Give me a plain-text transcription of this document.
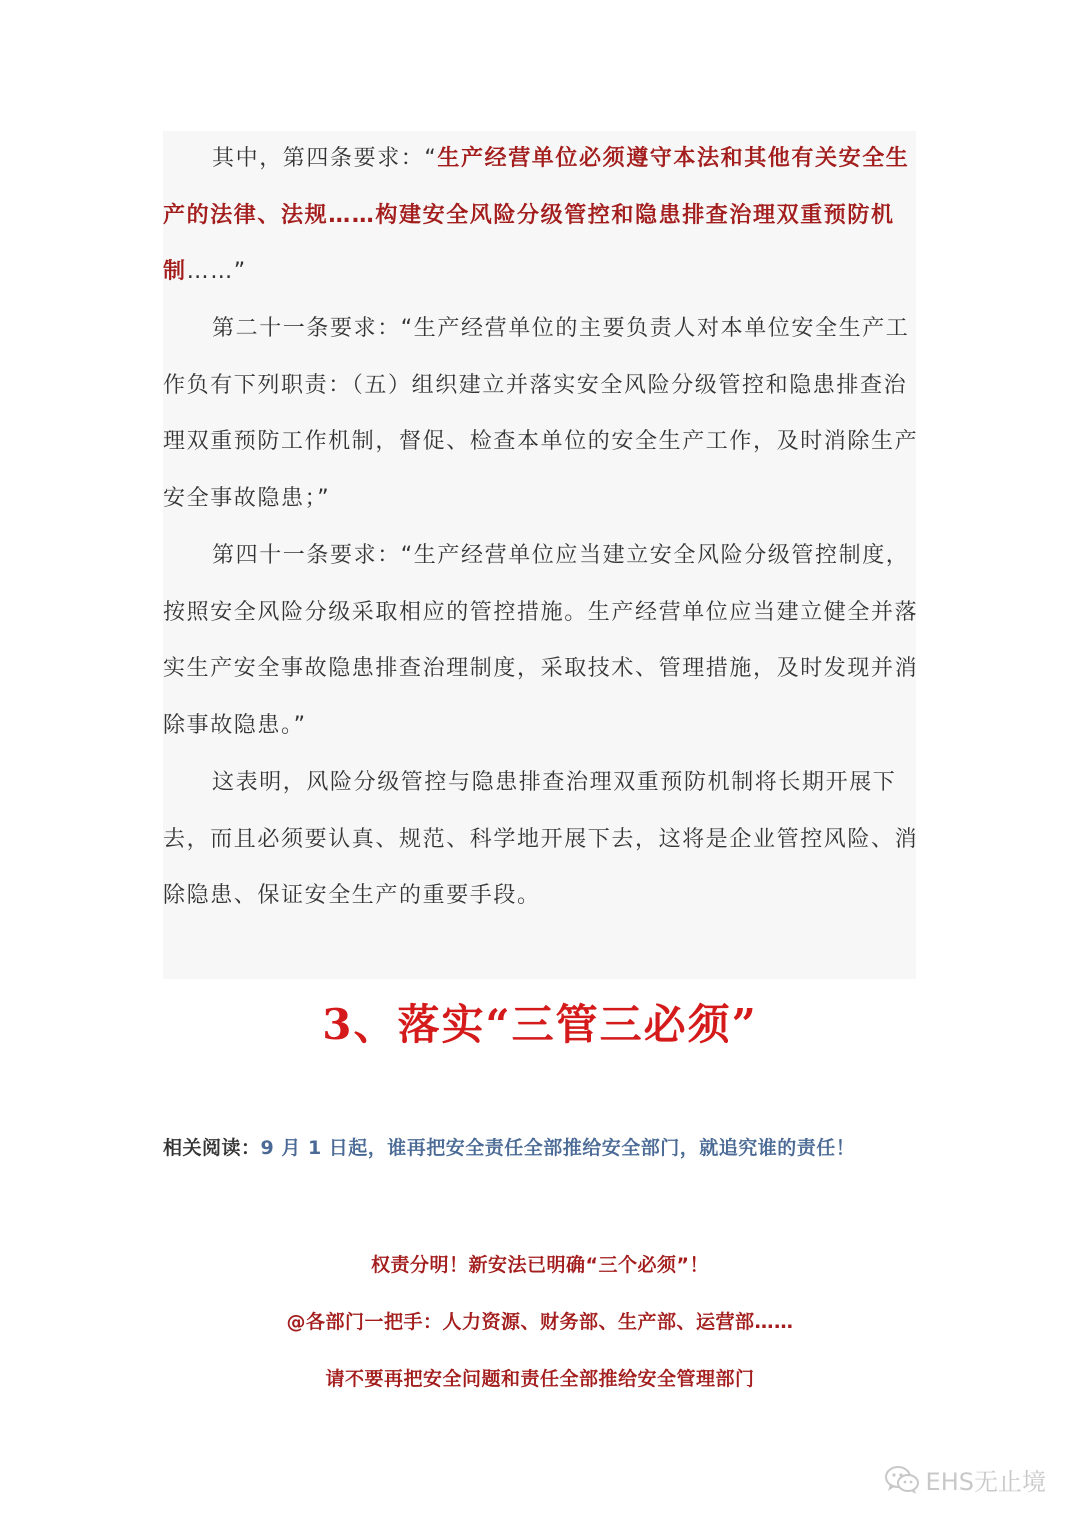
其中，第四条要求：“生产经营单位必须遵守本法和其他有关安全生产的法律、法规……构建安全风险分级管控和隐患排查治理双重预防机制……”

第二十一条要求：“生产经营单位的主要负责人对本单位安全生产工作负有下列职责：（五）组织建立并落实安全风险分级管控和隐患排查治理双重预防工作机制，督促、检查本单位的安全生产工作，及时消除生产安全事故隐患；”

第四十一条要求：“生产经营单位应当建立安全风险分级管控制度，按照安全风险分级采取相应的管控措施。生产经营单位应当建立健全并落实生产安全事故隐患排查治理制度，采取技术、管理措施，及时发现并消除事故隐患。”

这表明，风险分级管控与隐患排查治理双重预防机制将长期开展下去，而且必须要认真、规范、科学地开展下去，这将是企业管控风险、消除隐患、保证安全生产的重要手段。

3、落实“三管三必须”

相关阅读：9 月 1 日起，谁再把安全责任全部推给安全部门，就追究谁的责任！

权责分明！新安法已明确“三个必须”！

@各部门一把手：人力资源、财务部、生产部、运营部……

请不要再把安全问题和责任全部推给安全管理部门

EHS无止境
